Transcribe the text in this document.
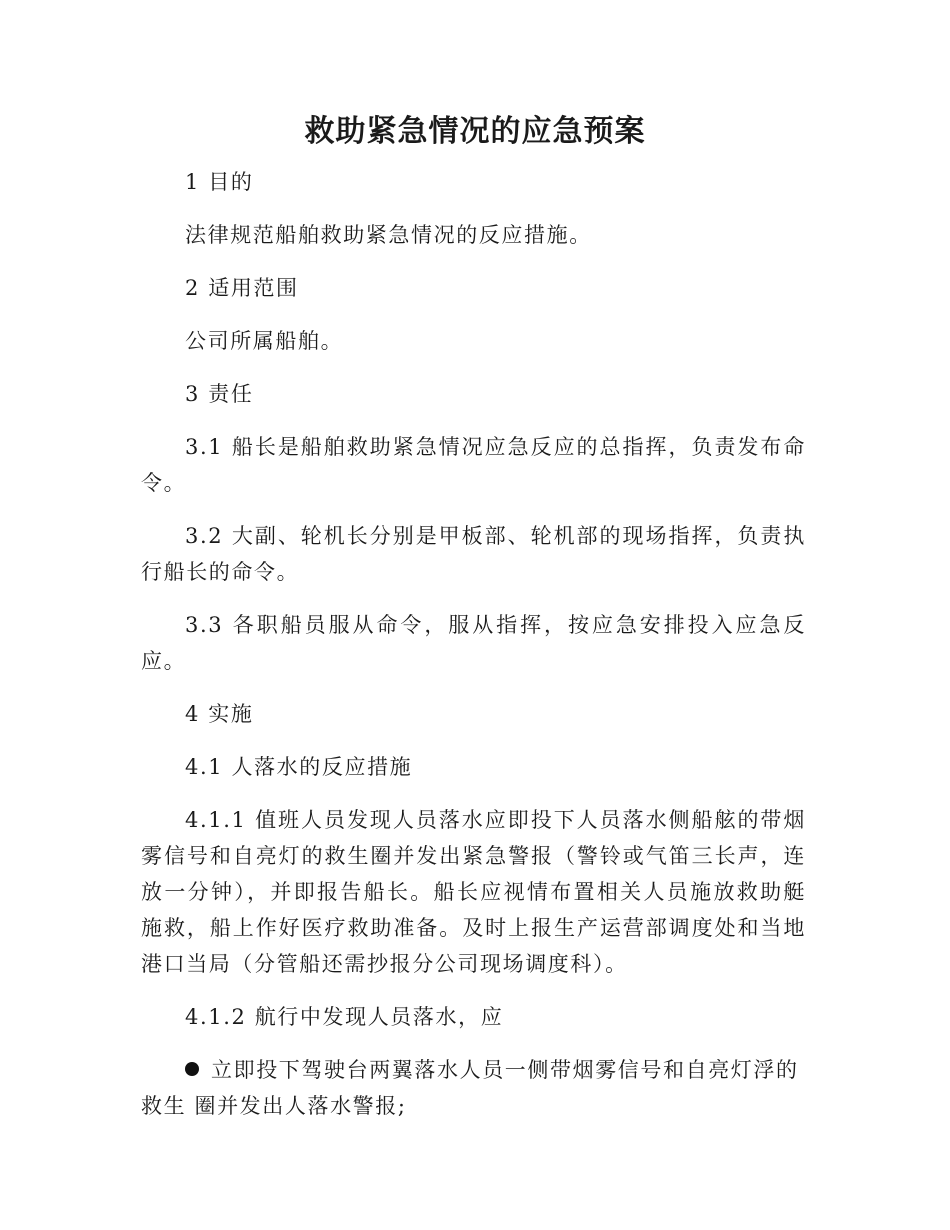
救助紧急情况的应急预案

1 目的

法律规范船舶救助紧急情况的反应措施。

2 适用范围

公司所属船舶。

3 责任

3.1 船长是船舶救助紧急情况应急反应的总指挥，负责发布命令。

3.2 大副、轮机长分别是甲板部、轮机部的现场指挥，负责执行船长的命令。

3.3 各职船员服从命令，服从指挥，按应急安排投入应急反应。

4 实施

4.1 人落水的反应措施

4.1.1 值班人员发现人员落水应即投下人员落水侧船舷的带烟雾信号和自亮灯的救生圈并发出紧急警报（警铃或气笛三长声，连放一分钟），并即报告船长。船长应视情布置相关人员施放救助艇施救，船上作好医疗救助准备。及时上报生产运营部调度处和当地港口当局（分管船还需抄报分公司现场调度科）。

4.1.2 航行中发现人员落水，应

立即投下驾驶台两翼落水人员一侧带烟雾信号和自亮灯浮的救生 圈并发出人落水警报;
